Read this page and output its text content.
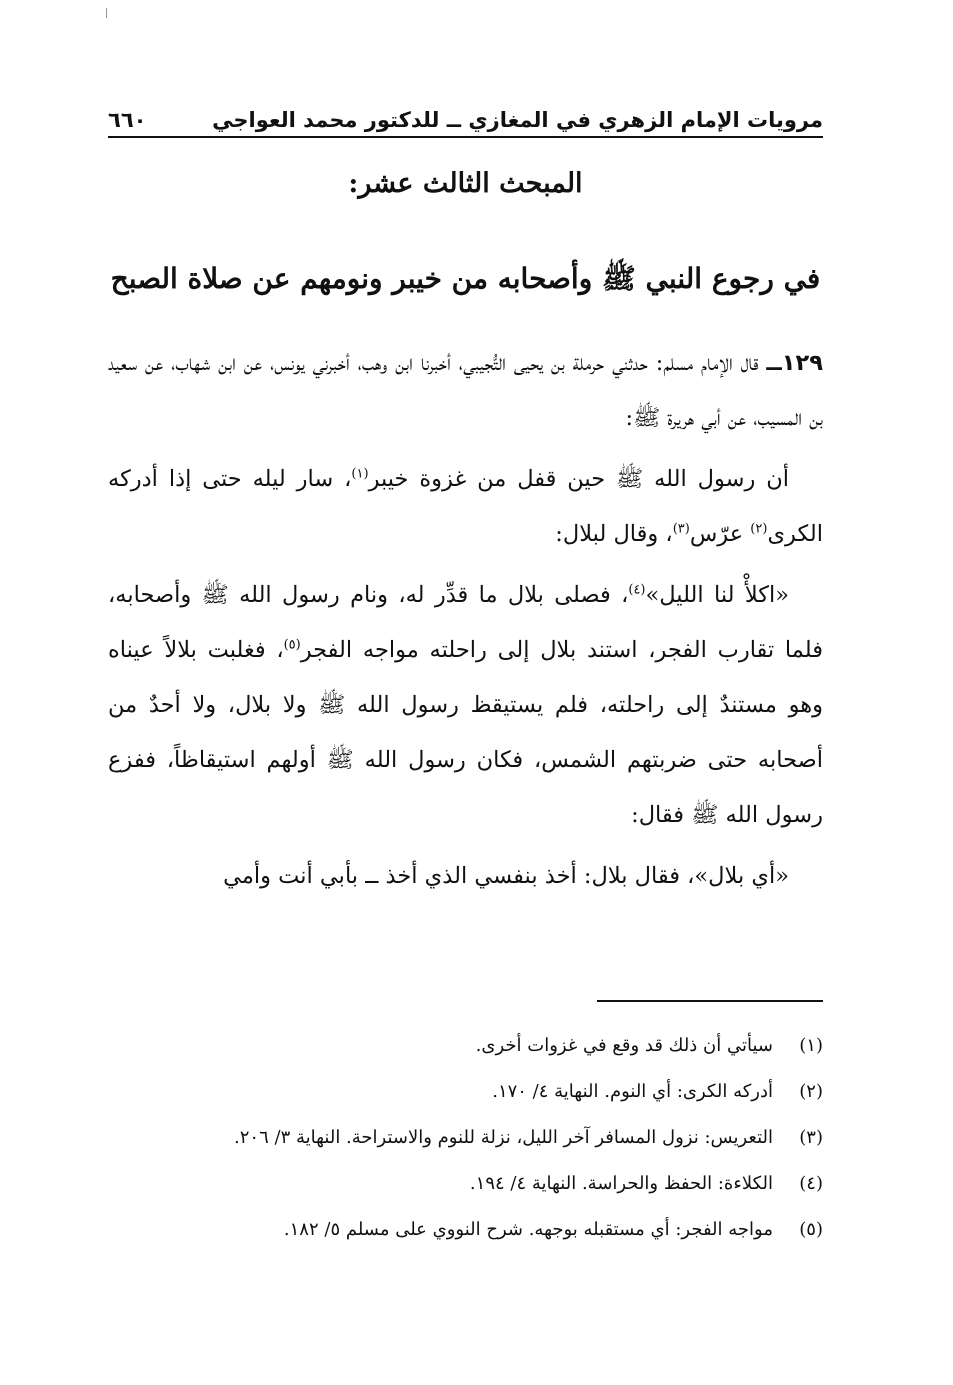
٦٦٠	مرويات الإمام الزهري في المغازي ــ للدكتور محمد العواجي
المبحث الثالث عشر:
في رجوع النبي ﷺ وأصحابه من خيبر ونومهم عن صلاة الصبح

١٢٩ــ قال الإمام مسلم: حدثني حرملة بن يحيى التُّجيبي، أخبرنا ابن وهب، أخبرني يونس، عن ابن شهاب، عن سعيد بن المسيب، عن أبي هريرة ﷺ:

أن رسول الله ﷺ حين قفل من غزوة خيبر$^{(١)}$، سار ليله حتى إذا أدركه الكرى$^{(٢)}$ عرّس$^{(٣)}$، وقال لبلال:

«اكلأْ لنا الليل»$^{(٤)}$، فصلى بلال ما قدِّر له، ونام رسول الله ﷺ وأصحابه، فلما تقارب الفجر، استند بلال إلى راحلته مواجه الفجر$^{(٥)}$، فغلبت بلالاً عيناه وهو مستندٌ إلى راحلته، فلم يستيقظ رسول الله ﷺ ولا بلال، ولا أحدٌ من أصحابه حتى ضربتهم الشمس، فكان رسول الله ﷺ أولهم استيقاظاً، ففزع رسول الله ﷺ فقال:

«أي بلال»، فقال بلال: أخذ بنفسي الذي أخذ ــ بأبي أنت وأمي

(١)
سيأتي أن ذلك قد وقع في غزوات أخرى.
(٢)
أدركه الكرى: أي النوم. النهاية ٤/ ١٧٠.
(٣)
التعريس: نزول المسافر آخر الليل، نزلة للنوم والاستراحة. النهاية ٣/ ٢٠٦.
(٤)
الكلاءة: الحفظ والحراسة. النهاية ٤/ ١٩٤.
(٥)
مواجه الفجر: أي مستقبله بوجهه. شرح النووي على مسلم ٥/ ١٨٢.
